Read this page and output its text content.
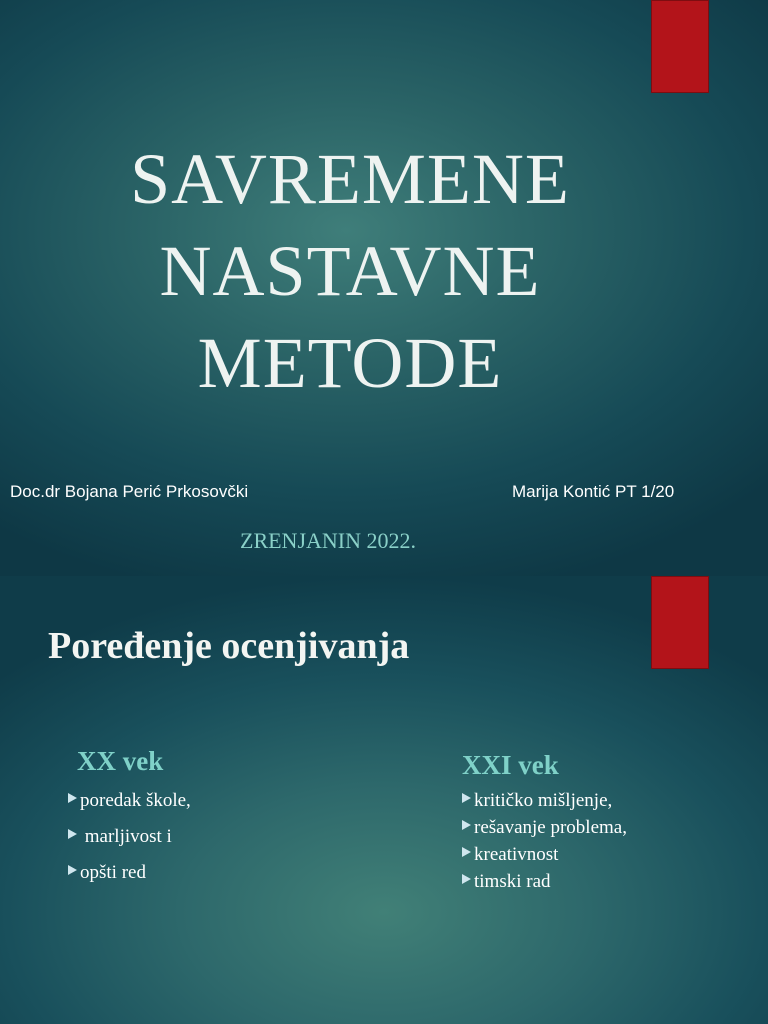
SAVREMENE
NASTAVNE
METODE
Doc.dr Bojana Perić Prkosovčki	Marija Kontić PT 1/20
ZRENJANIN 2022.
Poređenje ocenjivanja
XX vek
poredak škole,
marljivost i
opšti red
XXI vek
kritičko mišljenje,
rešavanje problema,
kreativnost
timski rad
